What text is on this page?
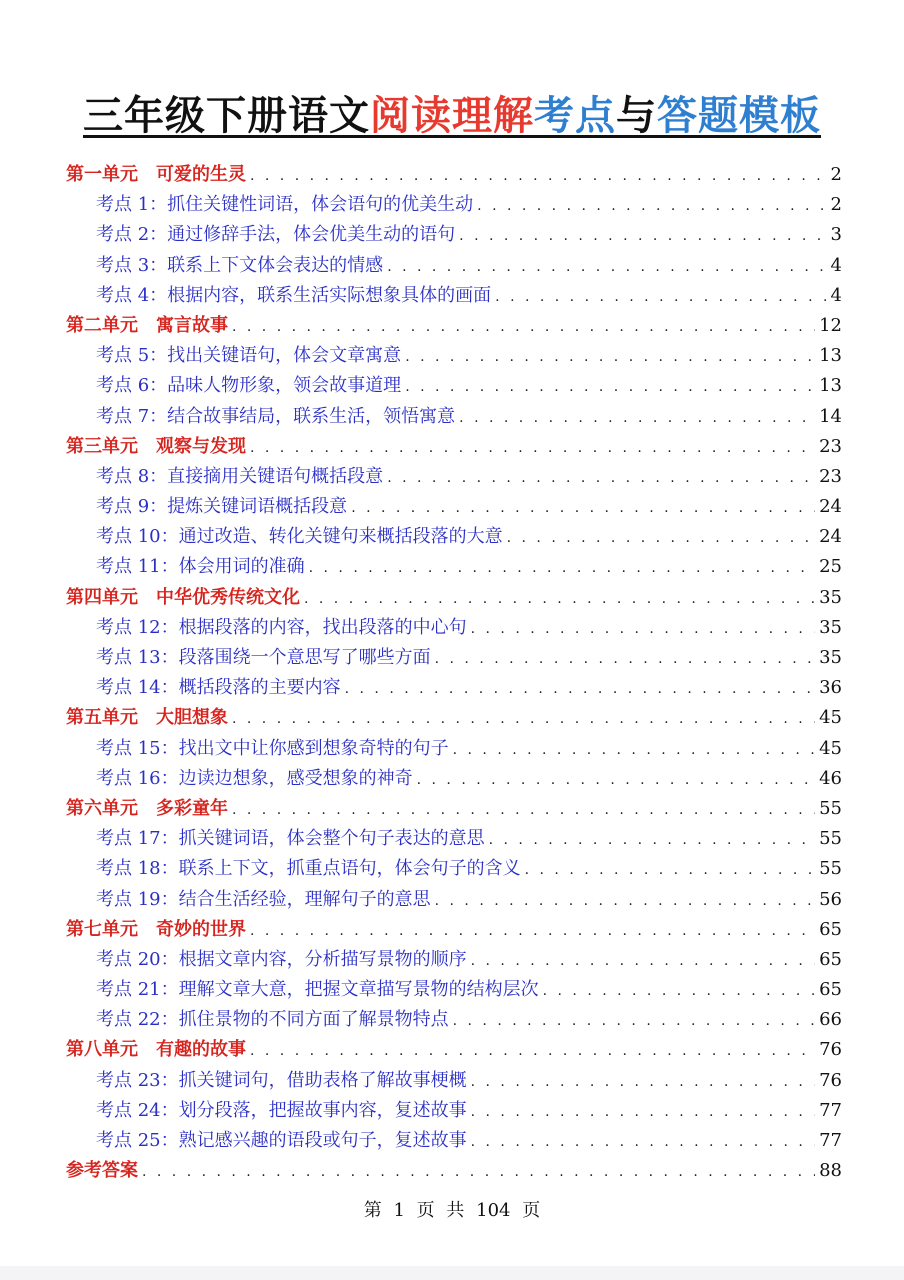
三年级下册语文阅读理解考点与答题模板
第一单元　可爱的生灵 . . .	2
考点 1：抓住关键性词语，体会语句的优美生动 . . .	2
考点 2：通过修辞手法，体会优美生动的语句 . . .	3
考点 3：联系上下文体会表达的情感 . . .	4
考点 4：根据内容，联系生活实际想象具体的画面 . . .	4
第二单元　寓言故事 . . .	12
考点 5：找出关键语句，体会文章寓意 . . .	13
考点 6：品味人物形象，领会故事道理 . . .	13
考点 7：结合故事结局，联系生活，领悟寓意 . . .	14
第三单元　观察与发现 . . .	23
考点 8：直接摘用关键语句概括段意 . . .	23
考点 9：提炼关键词语概括段意 . . .	24
考点 10：通过改造、转化关键句来概括段落的大意 . . .	24
考点 11：体会用词的准确 . . .	25
第四单元　中华优秀传统文化 . . .	35
考点 12：根据段落的内容，找出段落的中心句 . . .	35
考点 13：段落围绕一个意思写了哪些方面 . . .	35
考点 14：概括段落的主要内容 . . .	36
第五单元　大胆想象 . . .	45
考点 15：找出文中让你感到想象奇特的句子 . . .	45
考点 16：边读边想象，感受想象的神奇 . . .	46
第六单元　多彩童年 . . .	55
考点 17：抓关键词语，体会整个句子表达的意思 . . .	55
考点 18：联系上下文，抓重点语句，体会句子的含义 . . .	55
考点 19：结合生活经验，理解句子的意思 . . .	56
第七单元　奇妙的世界 . . .	65
考点 20：根据文章内容，分析描写景物的顺序 . . .	65
考点 21：理解文章大意，把握文章描写景物的结构层次 . . .	65
考点 22：抓住景物的不同方面了解景物特点 . . .	66
第八单元　有趣的故事 . . .	76
考点 23：抓关键词句，借助表格了解故事梗概 . . .	76
考点 24：划分段落，把握故事内容，复述故事 . . .	77
考点 25：熟记感兴趣的语段或句子，复述故事 . . .	77
参考答案 . . .	88
第 1 页 共 104 页
